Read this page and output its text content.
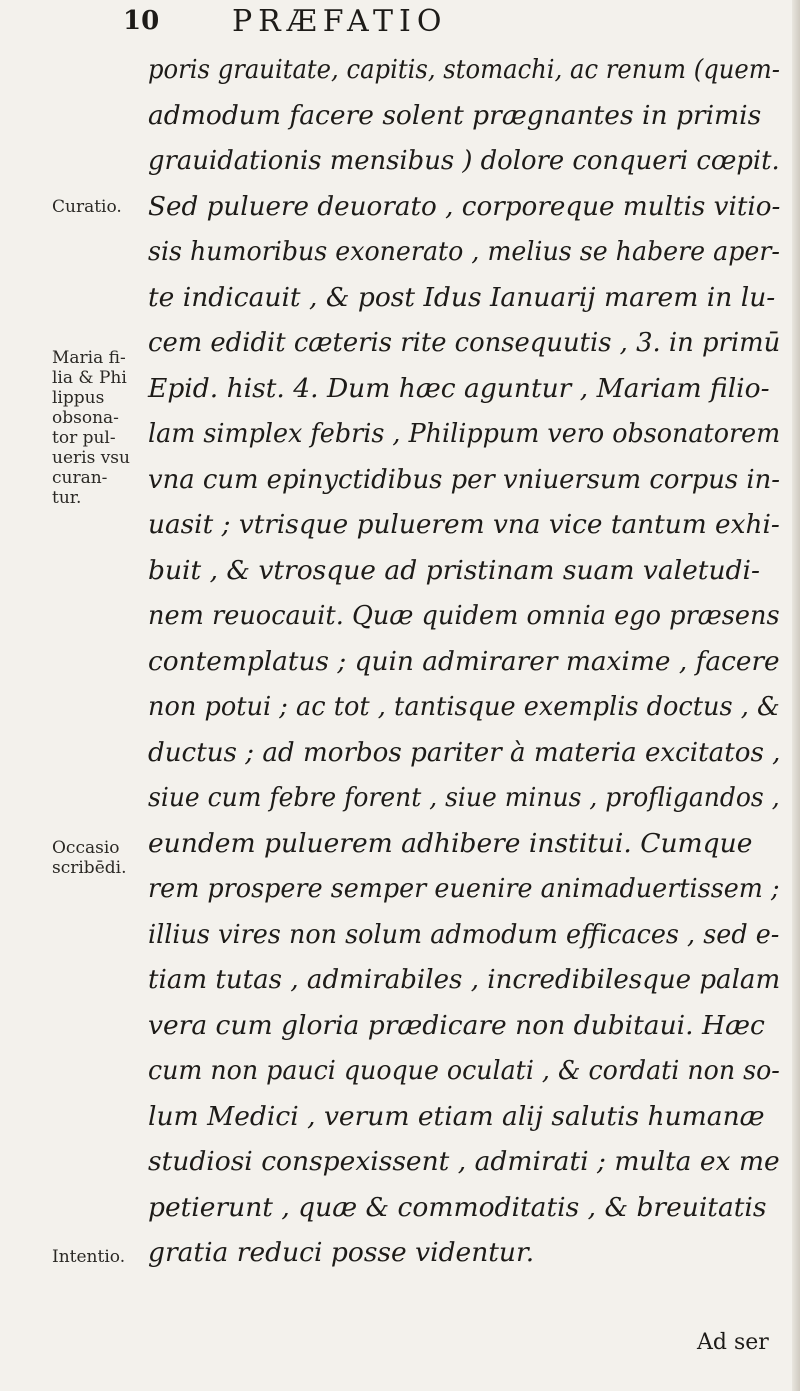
10 PRÆFATIO
Curatio.
Maria fi-
lia & Phi
lippus
obsona-
tor pul-
ueris vsu
curan-
tur.
Occasio
scribēdi.
Intentio.
poris grauitate, capitis, stomachi, ac renum (quem-
admodum facere solent prægnantes in primis
grauidationis mensibus ) dolore conqueri cœpit.
Sed puluere deuorato , corporeque multis vitio-
sis humoribus exonerato , melius se habere aper-
te indicauit , & post Idus Ianuarij marem in lu-
cem edidit cæteris rite consequutis , 3. in primū
Epid. hist. 4. Dum hæc aguntur , Mariam filio-
lam simplex febris , Philippum vero obsonatorem
vna cum epinyctidibus per vniuersum corpus in-
uasit ; vtrisque puluerem vna vice tantum exhi-
buit , & vtrosque ad pristinam suam valetudi-
nem reuocauit. Quæ quidem omnia ego præsens
contemplatus ; quin admirarer maxime , facere
non potui ; ac tot , tantisque exemplis doctus , &
ductus ; ad morbos pariter à materia excitatos ,
siue cum febre forent , siue minus , profligandos ,
eundem puluerem adhibere institui. Cumque
rem prospere semper euenire animaduertissem ;
illius vires non solum admodum efficaces , sed e-
tiam tutas , admirabiles , incredibilesque palam
vera cum gloria prædicare non dubitaui. Hæc
cum non pauci quoque oculati , & cordati non so-
lum Medici , verum etiam alij salutis humanæ
studiosi conspexissent , admirati ; multa ex me
petierunt , quæ & commoditatis , & breuitatis
gratia reduci posse videntur.
Ad ser
